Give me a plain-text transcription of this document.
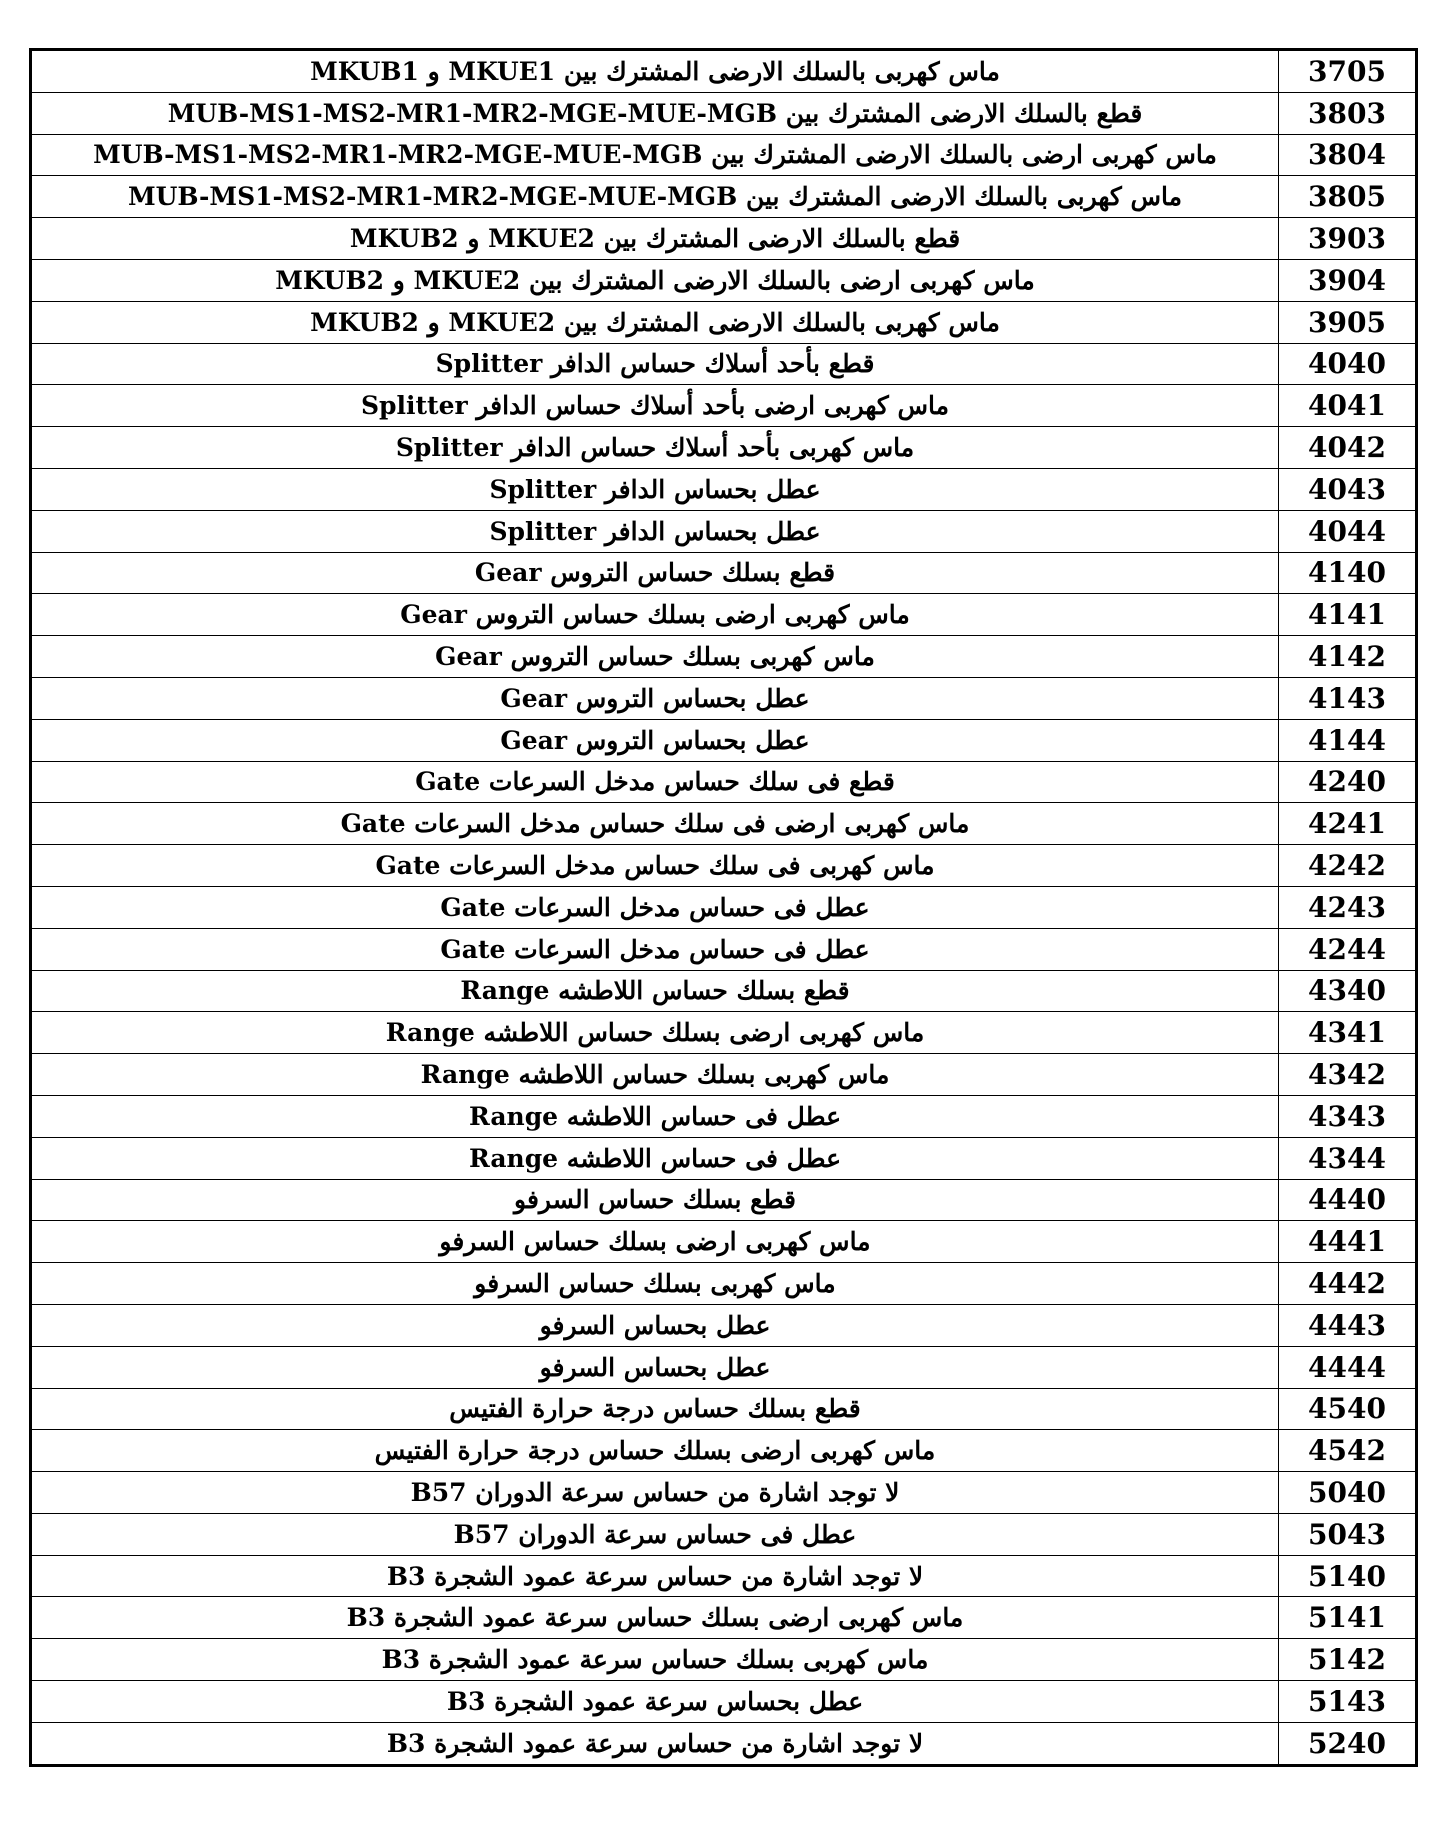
ماس كهربى بالسلك الارضى المشترك بين MKUE1 و MKUB1	3705
قطع بالسلك الارضى المشترك بين MUB-MS1-MS2-MR1-MR2-MGE-MUE-MGB	3803
ماس كهربى ارضى بالسلك الارضى المشترك بين MUB-MS1-MS2-MR1-MR2-MGE-MUE-MGB	3804
ماس كهربى بالسلك الارضى المشترك بين MUB-MS1-MS2-MR1-MR2-MGE-MUE-MGB	3805
قطع بالسلك الارضى المشترك بين MKUE2 و MKUB2	3903
ماس كهربى ارضى بالسلك الارضى المشترك بين MKUE2 و MKUB2	3904
ماس كهربى بالسلك الارضى المشترك بين MKUE2 و MKUB2	3905
قطع بأحد أسلاك حساس الدافر Splitter	4040
ماس كهربى ارضى بأحد أسلاك حساس الدافر Splitter	4041
ماس كهربى بأحد أسلاك حساس الدافر Splitter	4042
عطل بحساس الدافر Splitter	4043
عطل بحساس الدافر Splitter	4044
قطع بسلك حساس التروس Gear	4140
ماس كهربى ارضى بسلك حساس التروس Gear	4141
ماس كهربى بسلك حساس التروس Gear	4142
عطل بحساس التروس Gear	4143
عطل بحساس التروس Gear	4144
قطع فى سلك حساس مدخل السرعات Gate	4240
ماس كهربى ارضى فى سلك حساس مدخل السرعات Gate	4241
ماس كهربى فى سلك حساس مدخل السرعات Gate	4242
عطل فى حساس مدخل السرعات Gate	4243
عطل فى حساس مدخل السرعات Gate	4244
قطع بسلك حساس اللاطشه Range	4340
ماس كهربى ارضى بسلك حساس اللاطشه Range	4341
ماس كهربى بسلك حساس اللاطشه Range	4342
عطل فى حساس اللاطشه Range	4343
عطل فى حساس اللاطشه Range	4344
قطع بسلك حساس السرفو	4440
ماس كهربى ارضى بسلك حساس السرفو	4441
ماس كهربى بسلك حساس السرفو	4442
عطل بحساس السرفو	4443
عطل بحساس السرفو	4444
قطع بسلك حساس درجة حرارة الفتيس	4540
ماس كهربى ارضى بسلك حساس درجة حرارة الفتيس	4542
لا توجد اشارة من حساس سرعة الدوران B57	5040
عطل فى حساس سرعة الدوران B57	5043
لا توجد اشارة من حساس سرعة عمود الشجرة B3	5140
ماس كهربى ارضى بسلك حساس سرعة عمود الشجرة B3	5141
ماس كهربى بسلك حساس سرعة عمود الشجرة B3	5142
عطل بحساس سرعة عمود الشجرة B3	5143
لا توجد اشارة من حساس سرعة عمود الشجرة B3	5240
